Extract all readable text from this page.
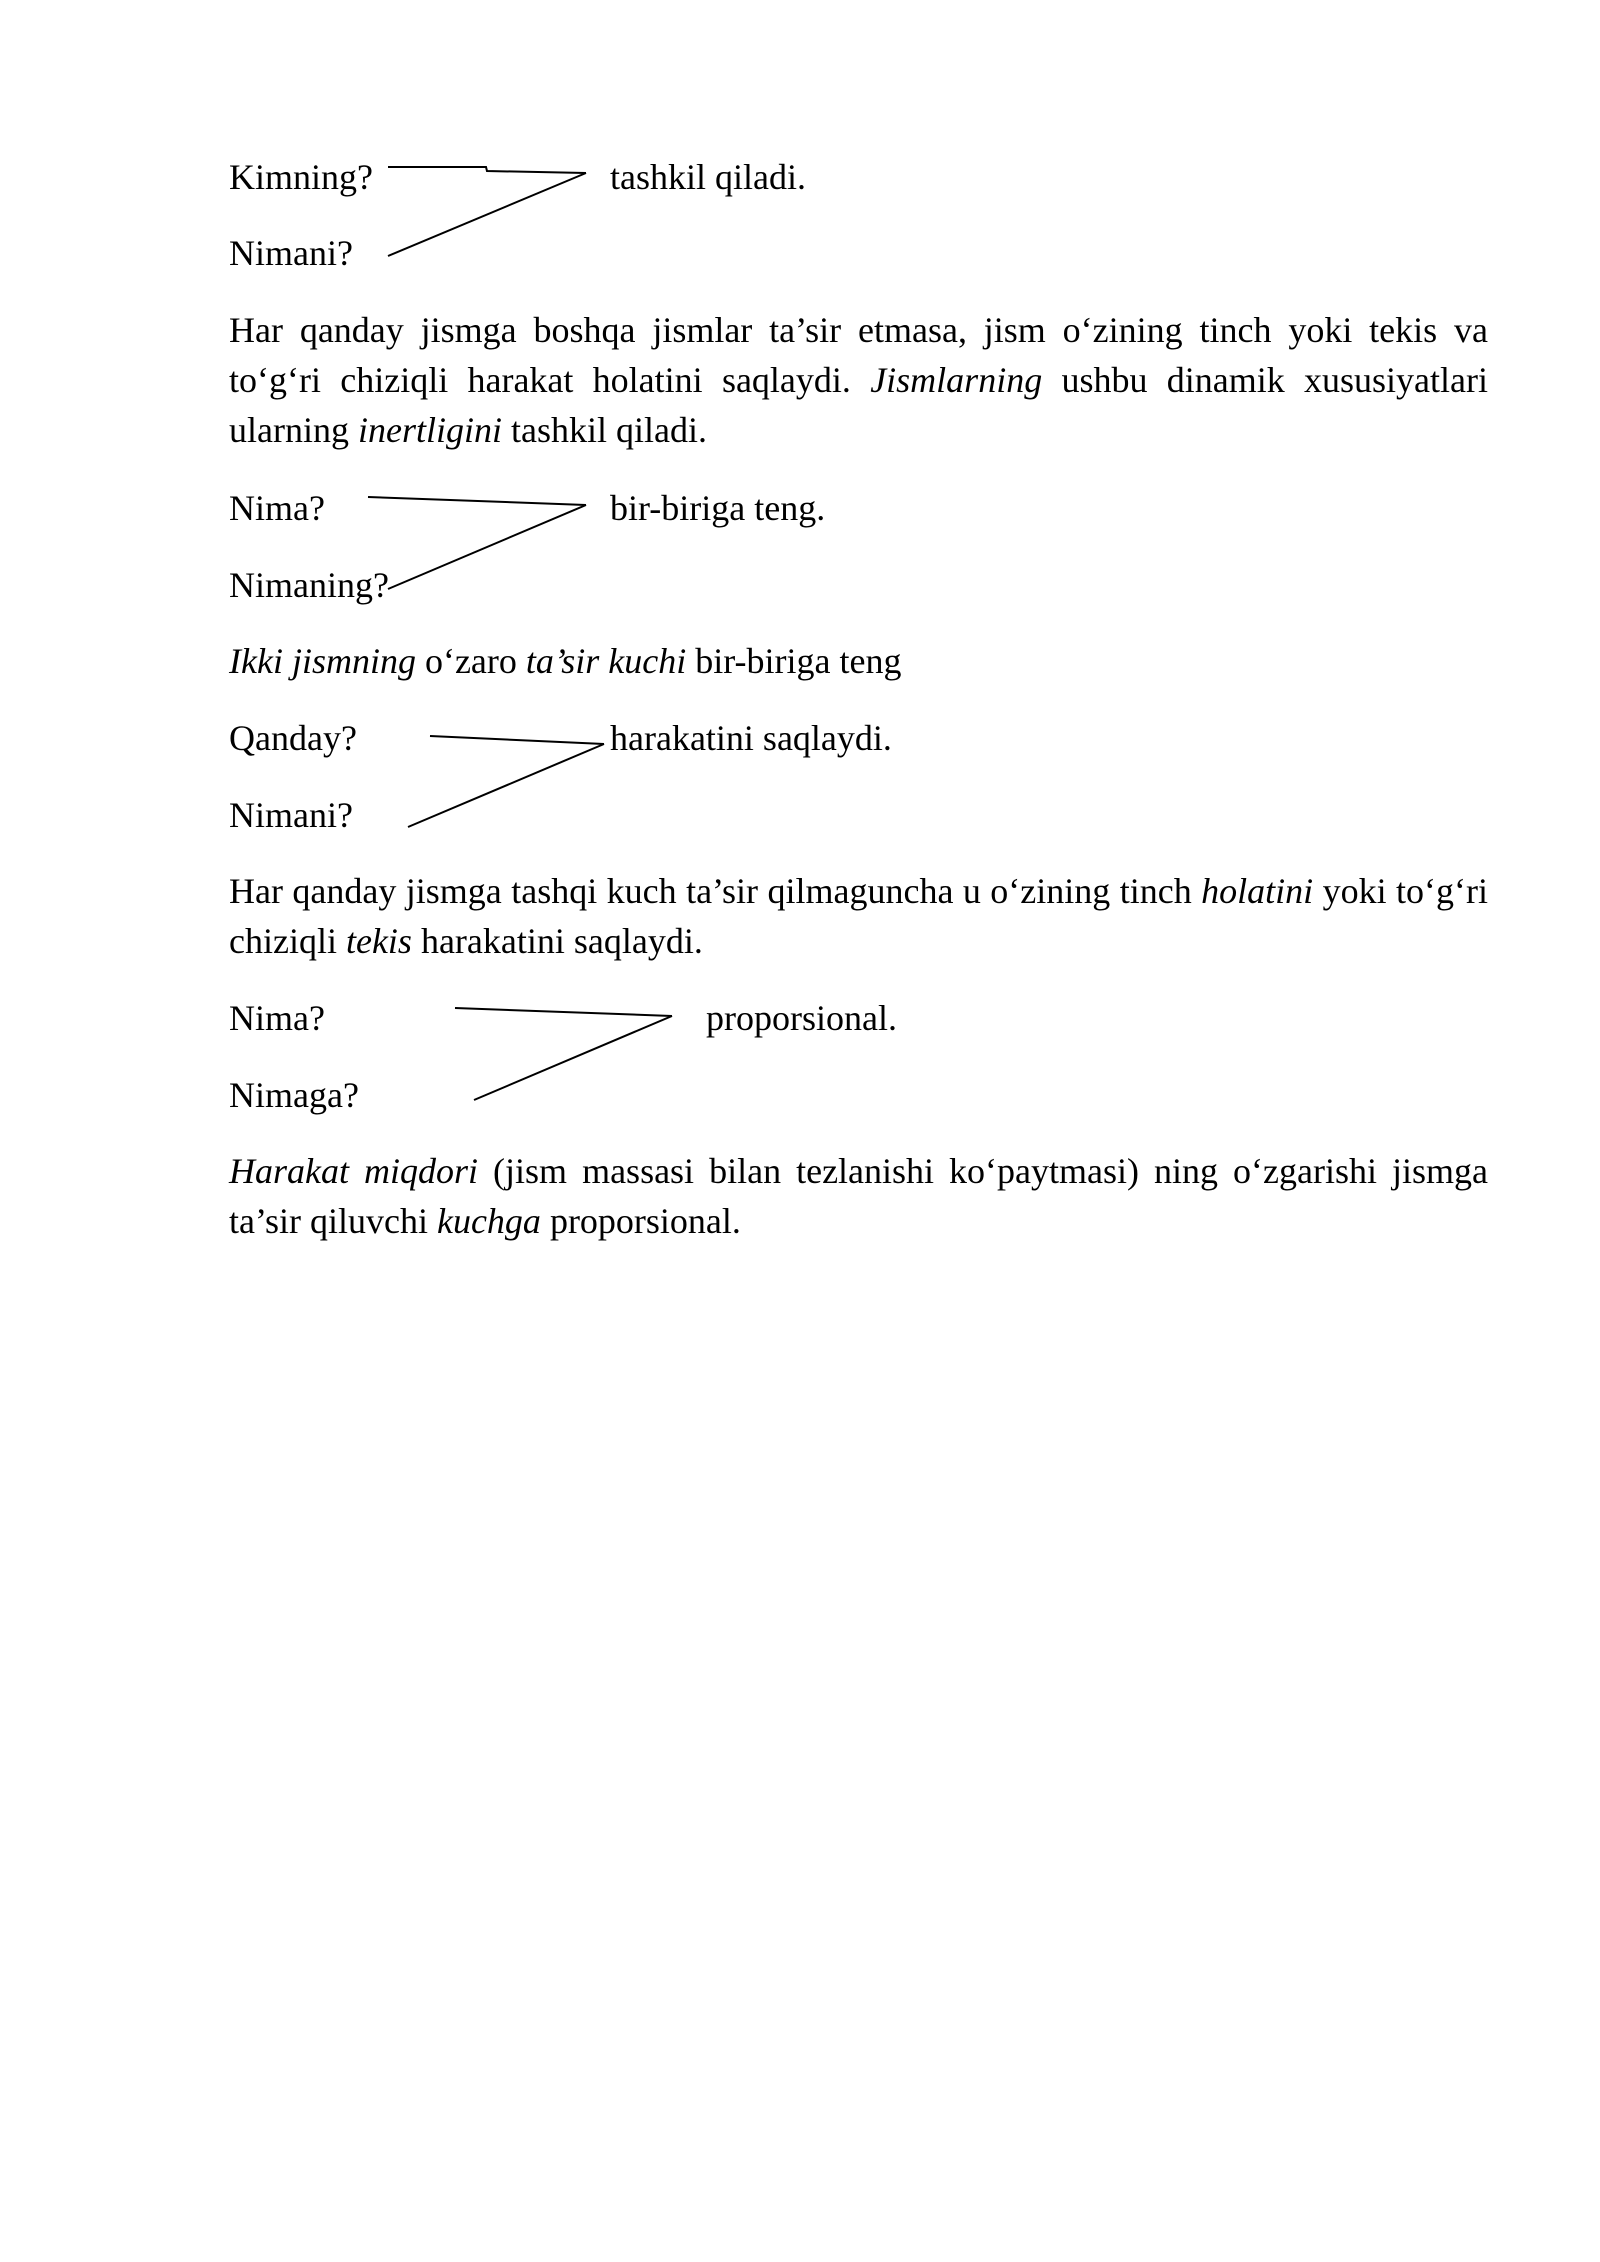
Kimning?	tashkil qiladi.
Nimani?
Har qanday jismga boshqa jismlar ta’sir etmasa, jism o‘zining tinch yoki tekis va to‘g‘ri chiziqli harakat holatini saqlaydi. Jismlarning ushbu dinamik xususiyatlari ularning inertligini tashkil qiladi.
Nima?	bir-biriga teng.
Nimaning?
Ikki jismning o‘zaro ta’sir kuchi bir-biriga teng
Qanday?	harakatini saqlaydi.
Nimani?
Har qanday jismga tashqi kuch ta’sir qilmaguncha u o‘zining tinch holatini yoki to‘g‘ri chiziqli tekis harakatini saqlaydi.
Nima?	proporsional.
Nimaga?
Harakat miqdori (jism massasi bilan tezlanishi ko‘paytmasi) ning o‘zgarishi jismga ta’sir qiluvchi kuchga proporsional.
